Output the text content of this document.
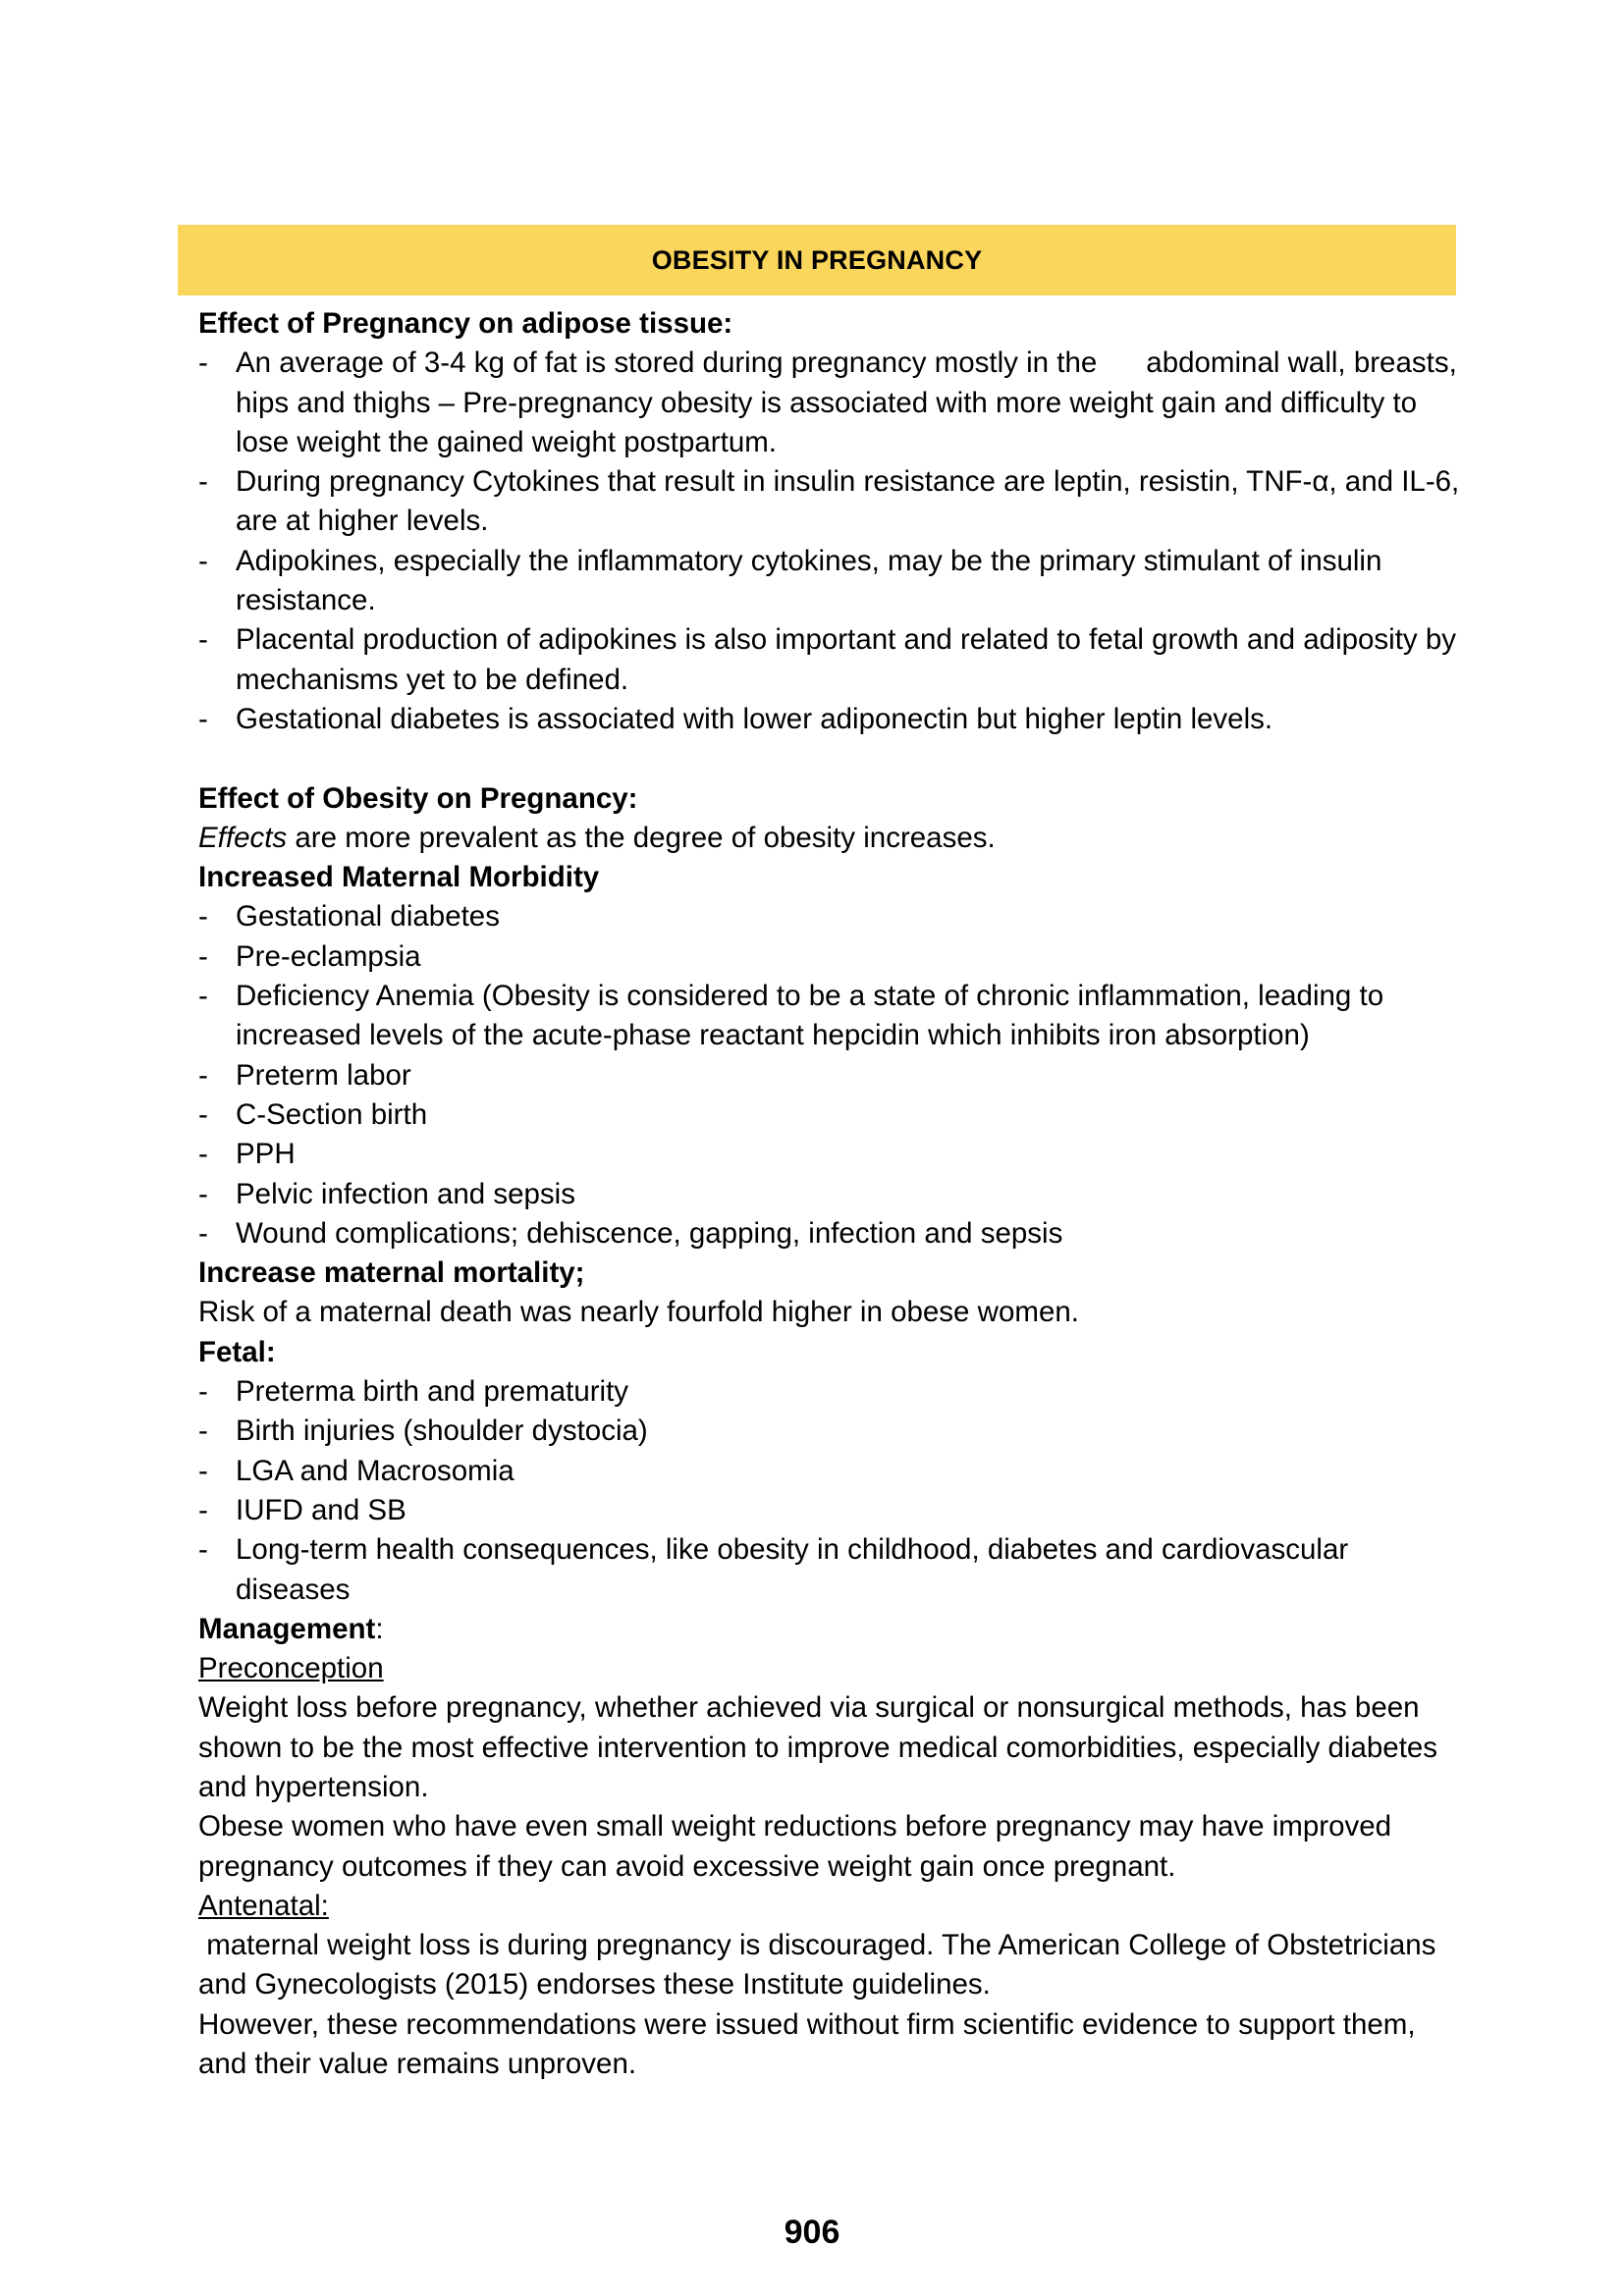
OBESITY IN PREGNANCY

Effect of Pregnancy on adipose tissue:

- An average of 3-4 kg of fat is stored during pregnancy mostly in the abdominal wall, breasts, hips and thighs – Pre-pregnancy obesity is associated with more weight gain and difficulty to lose weight the gained weight postpartum.
- During pregnancy Cytokines that result in insulin resistance are leptin, resistin, TNF-α, and IL-6, are at higher levels.
- Adipokines, especially the inflammatory cytokines, may be the primary stimulant of insulin resistance.
- Placental production of adipokines is also important and related to fetal growth and adiposity by mechanisms yet to be defined.
- Gestational diabetes is associated with lower adiponectin but higher leptin levels.

Effect of Obesity on Pregnancy:

Effects are more prevalent as the degree of obesity increases.

Increased Maternal Morbidity

- Gestational diabetes
- Pre-eclampsia
- Deficiency Anemia (Obesity is considered to be a state of chronic inflammation, leading to increased levels of the acute-phase reactant hepcidin which inhibits iron absorption)
- Preterm labor
- C-Section birth
- PPH
- Pelvic infection and sepsis
- Wound complications; dehiscence, gapping, infection and sepsis

Increase maternal mortality;

Risk of a maternal death was nearly fourfold higher in obese women.

Fetal:

- Preterma birth and prematurity
- Birth injuries (shoulder dystocia)
- LGA and Macrosomia
- IUFD and SB
- Long-term health consequences, like obesity in childhood, diabetes and cardiovascular diseases

Management:

Preconception

Weight loss before pregnancy, whether achieved via surgical or nonsurgical methods, has been shown to be the most effective intervention to improve medical comorbidities, especially diabetes and hypertension.

Obese women who have even small weight reductions before pregnancy may have improved pregnancy outcomes if they can avoid excessive weight gain once pregnant.

Antenatal:

maternal weight loss is during pregnancy is discouraged. The American College of Obstetricians and Gynecologists (2015) endorses these Institute guidelines.

However, these recommendations were issued without firm scientific evidence to support them, and their value remains unproven.

906
